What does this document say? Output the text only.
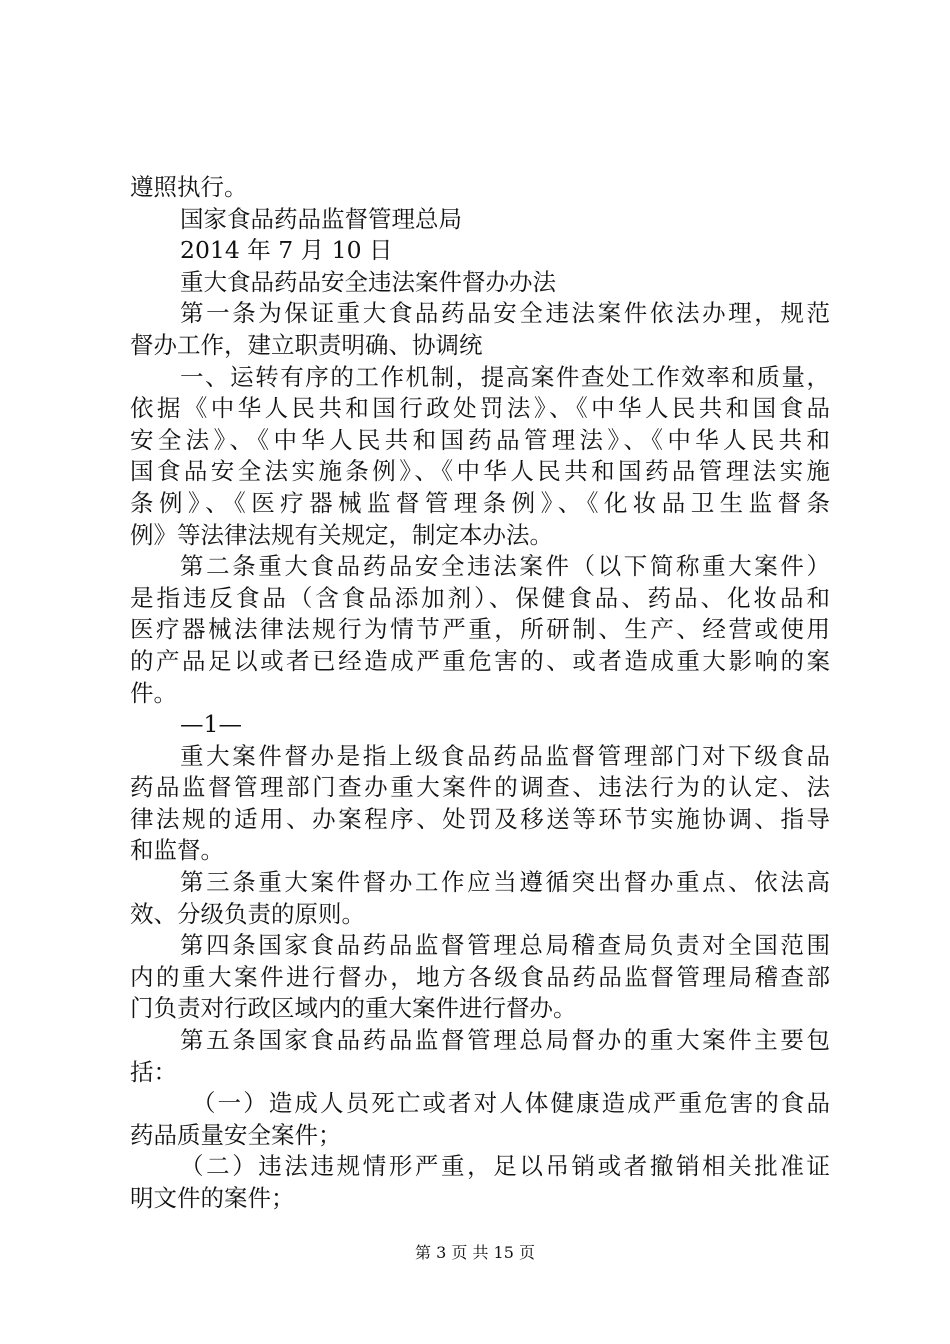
遵照执行。
国家食品药品监督管理总局
2014 年 7 月 10 日
重大食品药品安全违法案件督办办法
第一条为保证重大食品药品安全违法案件依法办理，规范
督办工作，建立职责明确、协调统
一、运转有序的工作机制，提高案件查处工作效率和质量，
依据《中华人民共和国行政处罚法》、《中华人民共和国食品
安全法》、《中华人民共和国药品管理法》、《中华人民共和
国食品安全法实施条例》、《中华人民共和国药品管理法实施
条例》、《医疗器械监督管理条例》、《化妆品卫生监督条
例》等法律法规有关规定，制定本办法。
第二条重大食品药品安全违法案件（以下简称重大案件）
是指违反食品（含食品添加剂）、保健食品、药品、化妆品和
医疗器械法律法规行为情节严重，所研制、生产、经营或使用
的产品足以或者已经造成严重危害的、或者造成重大影响的案
件。
—1—
重大案件督办是指上级食品药品监督管理部门对下级食品
药品监督管理部门查办重大案件的调查、违法行为的认定、法
律法规的适用、办案程序、处罚及移送等环节实施协调、指导
和监督。
第三条重大案件督办工作应当遵循突出督办重点、依法高
效、分级负责的原则。
第四条国家食品药品监督管理总局稽查局负责对全国范围
内的重大案件进行督办，地方各级食品药品监督管理局稽查部
门负责对行政区域内的重大案件进行督办。
第五条国家食品药品监督管理总局督办的重大案件主要包
括：
（一）造成人员死亡或者对人体健康造成严重危害的食品
药品质量安全案件；
（二）违法违规情形严重，足以吊销或者撤销相关批准证
明文件的案件；
第 3 页 共 15 页
